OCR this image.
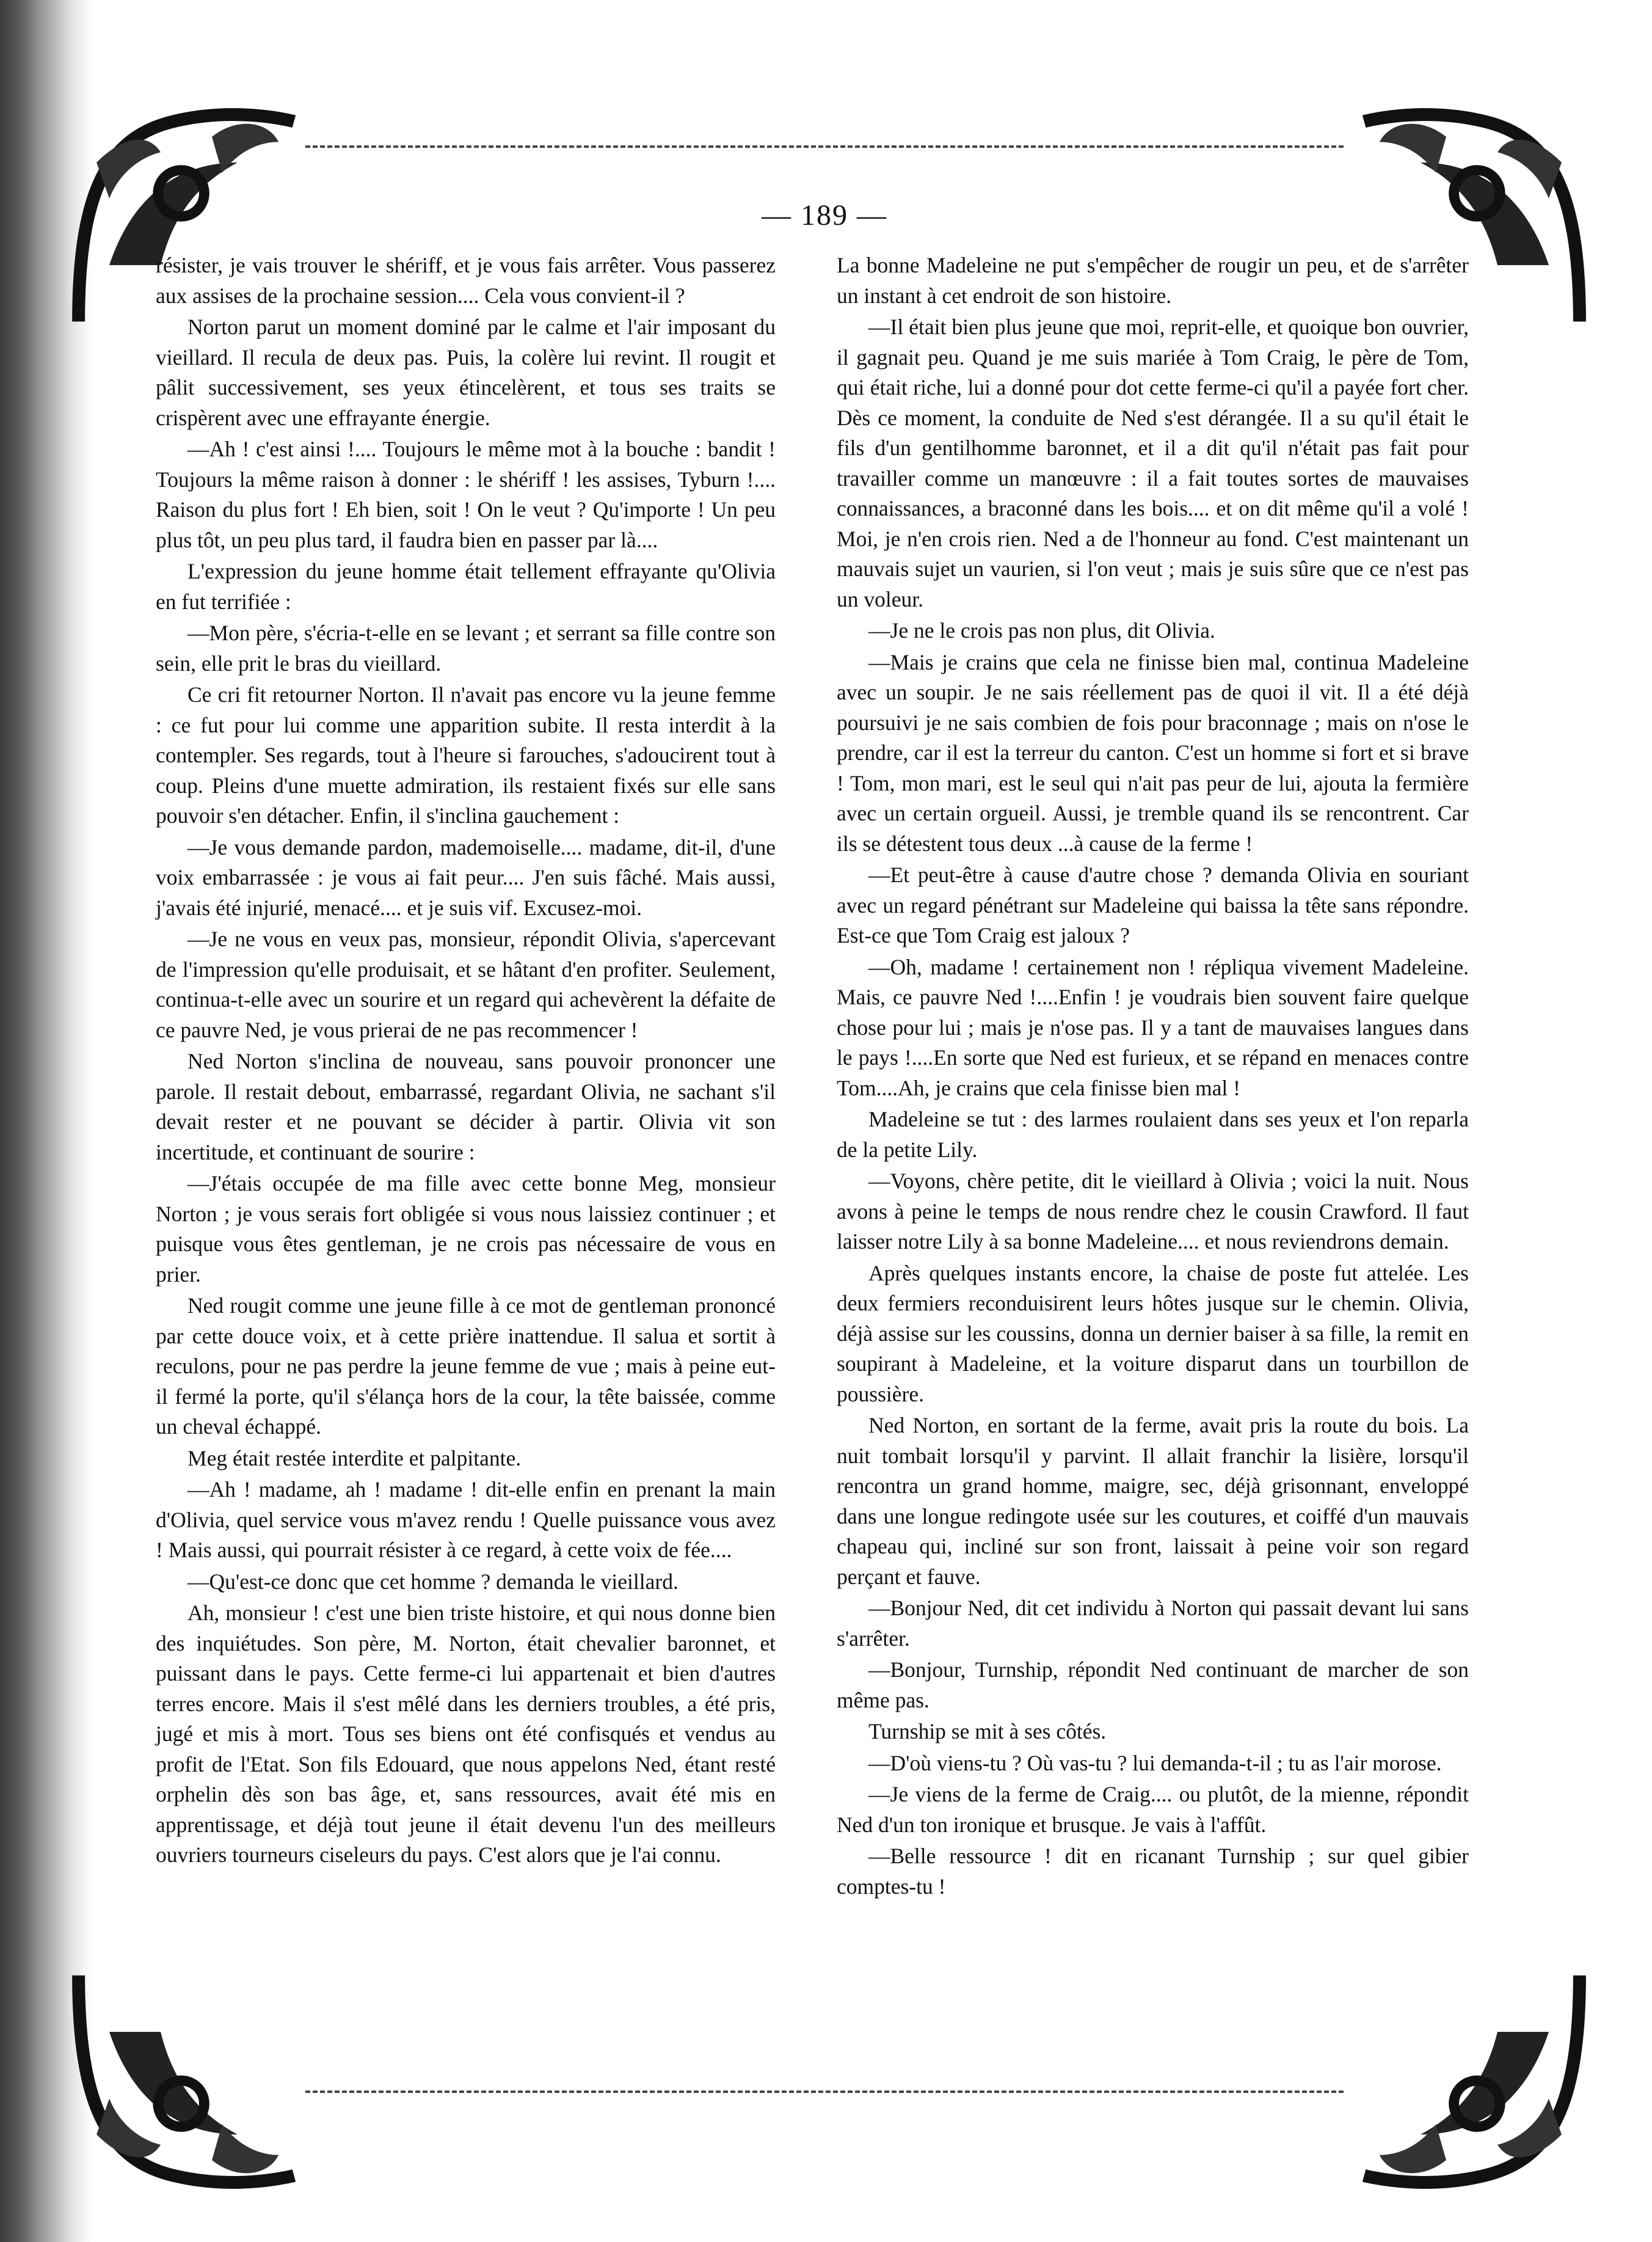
— 189 —

résister, je vais trouver le shériff, et je vous fais arrêter. Vous passerez aux assises de la prochaine session.... Cela vous convient-il ?

Norton parut un moment dominé par le calme et l'air imposant du vieillard. Il recula de deux pas. Puis, la colère lui revint. Il rougit et pâlit successivement, ses yeux étincelèrent, et tous ses traits se crispèrent avec une effrayante énergie.

—Ah ! c'est ainsi !.... Toujours le même mot à la bouche : bandit ! Toujours la même raison à donner : le shériff ! les assises, Tyburn !.... Raison du plus fort ! Eh bien, soit ! On le veut ? Qu'importe ! Un peu plus tôt, un peu plus tard, il faudra bien en passer par là....

L'expression du jeune homme était tellement effrayante qu'Olivia en fut terrifiée :

—Mon père, s'écria-t-elle en se levant ; et serrant sa fille contre son sein, elle prit le bras du vieillard.

Ce cri fit retourner Norton. Il n'avait pas encore vu la jeune femme : ce fut pour lui comme une apparition subite. Il resta interdit à la contempler. Ses regards, tout à l'heure si farouches, s'adoucirent tout à coup. Pleins d'une muette admiration, ils restaient fixés sur elle sans pouvoir s'en détacher. Enfin, il s'inclina gauchement :

—Je vous demande pardon, mademoiselle.... madame, dit-il, d'une voix embarrassée : je vous ai fait peur.... J'en suis fâché. Mais aussi, j'avais été injurié, menacé.... et je suis vif. Excusez-moi.

—Je ne vous en veux pas, monsieur, répondit Olivia, s'apercevant de l'impression qu'elle produisait, et se hâtant d'en profiter. Seulement, continua-t-elle avec un sourire et un regard qui achevèrent la défaite de ce pauvre Ned, je vous prierai de ne pas recommencer !

Ned Norton s'inclina de nouveau, sans pouvoir prononcer une parole. Il restait debout, embarrassé, regardant Olivia, ne sachant s'il devait rester et ne pouvant se décider à partir. Olivia vit son incertitude, et continuant de sourire :

—J'étais occupée de ma fille avec cette bonne Meg, monsieur Norton ; je vous serais fort obligée si vous nous laissiez continuer ; et puisque vous êtes gentleman, je ne crois pas nécessaire de vous en prier.

Ned rougit comme une jeune fille à ce mot de gentleman prononcé par cette douce voix, et à cette prière inattendue. Il salua et sortit à reculons, pour ne pas perdre la jeune femme de vue ; mais à peine eut-il fermé la porte, qu'il s'élança hors de la cour, la tête baissée, comme un cheval échappé.

Meg était restée interdite et palpitante.

—Ah ! madame, ah ! madame ! dit-elle enfin en prenant la main d'Olivia, quel service vous m'avez rendu ! Quelle puissance vous avez ! Mais aussi, qui pourrait résister à ce regard, à cette voix de fée....

—Qu'est-ce donc que cet homme ? demanda le vieillard.

Ah, monsieur ! c'est une bien triste histoire, et qui nous donne bien des inquiétudes. Son père, M. Norton, était chevalier baronnet, et puissant dans le pays. Cette ferme-ci lui appartenait et bien d'autres terres encore. Mais il s'est mêlé dans les derniers troubles, a été pris, jugé et mis à mort. Tous ses biens ont été confisqués et vendus au profit de l'Etat. Son fils Edouard, que nous appelons Ned, étant resté orphelin dès son bas âge, et, sans ressources, avait été mis en apprentissage, et déjà tout jeune il était devenu l'un des meilleurs ouvriers tourneurs ciseleurs du pays. C'est alors que je l'ai connu.

La bonne Madeleine ne put s'empêcher de rougir un peu, et de s'arrêter un instant à cet endroit de son histoire.

—Il était bien plus jeune que moi, reprit-elle, et quoique bon ouvrier, il gagnait peu. Quand je me suis mariée à Tom Craig, le père de Tom, qui était riche, lui a donné pour dot cette ferme-ci qu'il a payée fort cher. Dès ce moment, la conduite de Ned s'est dérangée. Il a su qu'il était le fils d'un gentilhomme baronnet, et il a dit qu'il n'était pas fait pour travailler comme un manœuvre : il a fait toutes sortes de mauvaises connaissances, a braconné dans les bois.... et on dit même qu'il a volé ! Moi, je n'en crois rien. Ned a de l'honneur au fond. C'est maintenant un mauvais sujet un vaurien, si l'on veut ; mais je suis sûre que ce n'est pas un voleur.

—Je ne le crois pas non plus, dit Olivia.

—Mais je crains que cela ne finisse bien mal, continua Madeleine avec un soupir. Je ne sais réellement pas de quoi il vit. Il a été déjà poursuivi je ne sais combien de fois pour braconnage ; mais on n'ose le prendre, car il est la terreur du canton. C'est un homme si fort et si brave ! Tom, mon mari, est le seul qui n'ait pas peur de lui, ajouta la fermière avec un certain orgueil. Aussi, je tremble quand ils se rencontrent. Car ils se détestent tous deux ...à cause de la ferme !

—Et peut-être à cause d'autre chose ? demanda Olivia en souriant avec un regard pénétrant sur Madeleine qui baissa la tête sans répondre. Est-ce que Tom Craig est jaloux ?

—Oh, madame ! certainement non ! répliqua vivement Madeleine. Mais, ce pauvre Ned !....Enfin ! je voudrais bien souvent faire quelque chose pour lui ; mais je n'ose pas. Il y a tant de mauvaises langues dans le pays !....En sorte que Ned est furieux, et se répand en menaces contre Tom....Ah, je crains que cela finisse bien mal !

Madeleine se tut : des larmes roulaient dans ses yeux et l'on reparla de la petite Lily.

—Voyons, chère petite, dit le vieillard à Olivia ; voici la nuit. Nous avons à peine le temps de nous rendre chez le cousin Crawford. Il faut laisser notre Lily à sa bonne Madeleine.... et nous reviendrons demain.

Après quelques instants encore, la chaise de poste fut attelée. Les deux fermiers reconduisirent leurs hôtes jusque sur le chemin. Olivia, déjà assise sur les coussins, donna un dernier baiser à sa fille, la remit en soupirant à Madeleine, et la voiture disparut dans un tourbillon de poussière.

Ned Norton, en sortant de la ferme, avait pris la route du bois. La nuit tombait lorsqu'il y parvint. Il allait franchir la lisière, lorsqu'il rencontra un grand homme, maigre, sec, déjà grisonnant, enveloppé dans une longue redingote usée sur les coutures, et coiffé d'un mauvais chapeau qui, incliné sur son front, laissait à peine voir son regard perçant et fauve.

—Bonjour Ned, dit cet individu à Norton qui passait devant lui sans s'arrêter.

—Bonjour, Turnship, répondit Ned continuant de marcher de son même pas.

Turnship se mit à ses côtés.

—D'où viens-tu ? Où vas-tu ? lui demanda-t-il ; tu as l'air morose.

—Je viens de la ferme de Craig.... ou plutôt, de la mienne, répondit Ned d'un ton ironique et brusque. Je vais à l'affût.

—Belle ressource ! dit en ricanant Turnship ; sur quel gibier comptes-tu !
